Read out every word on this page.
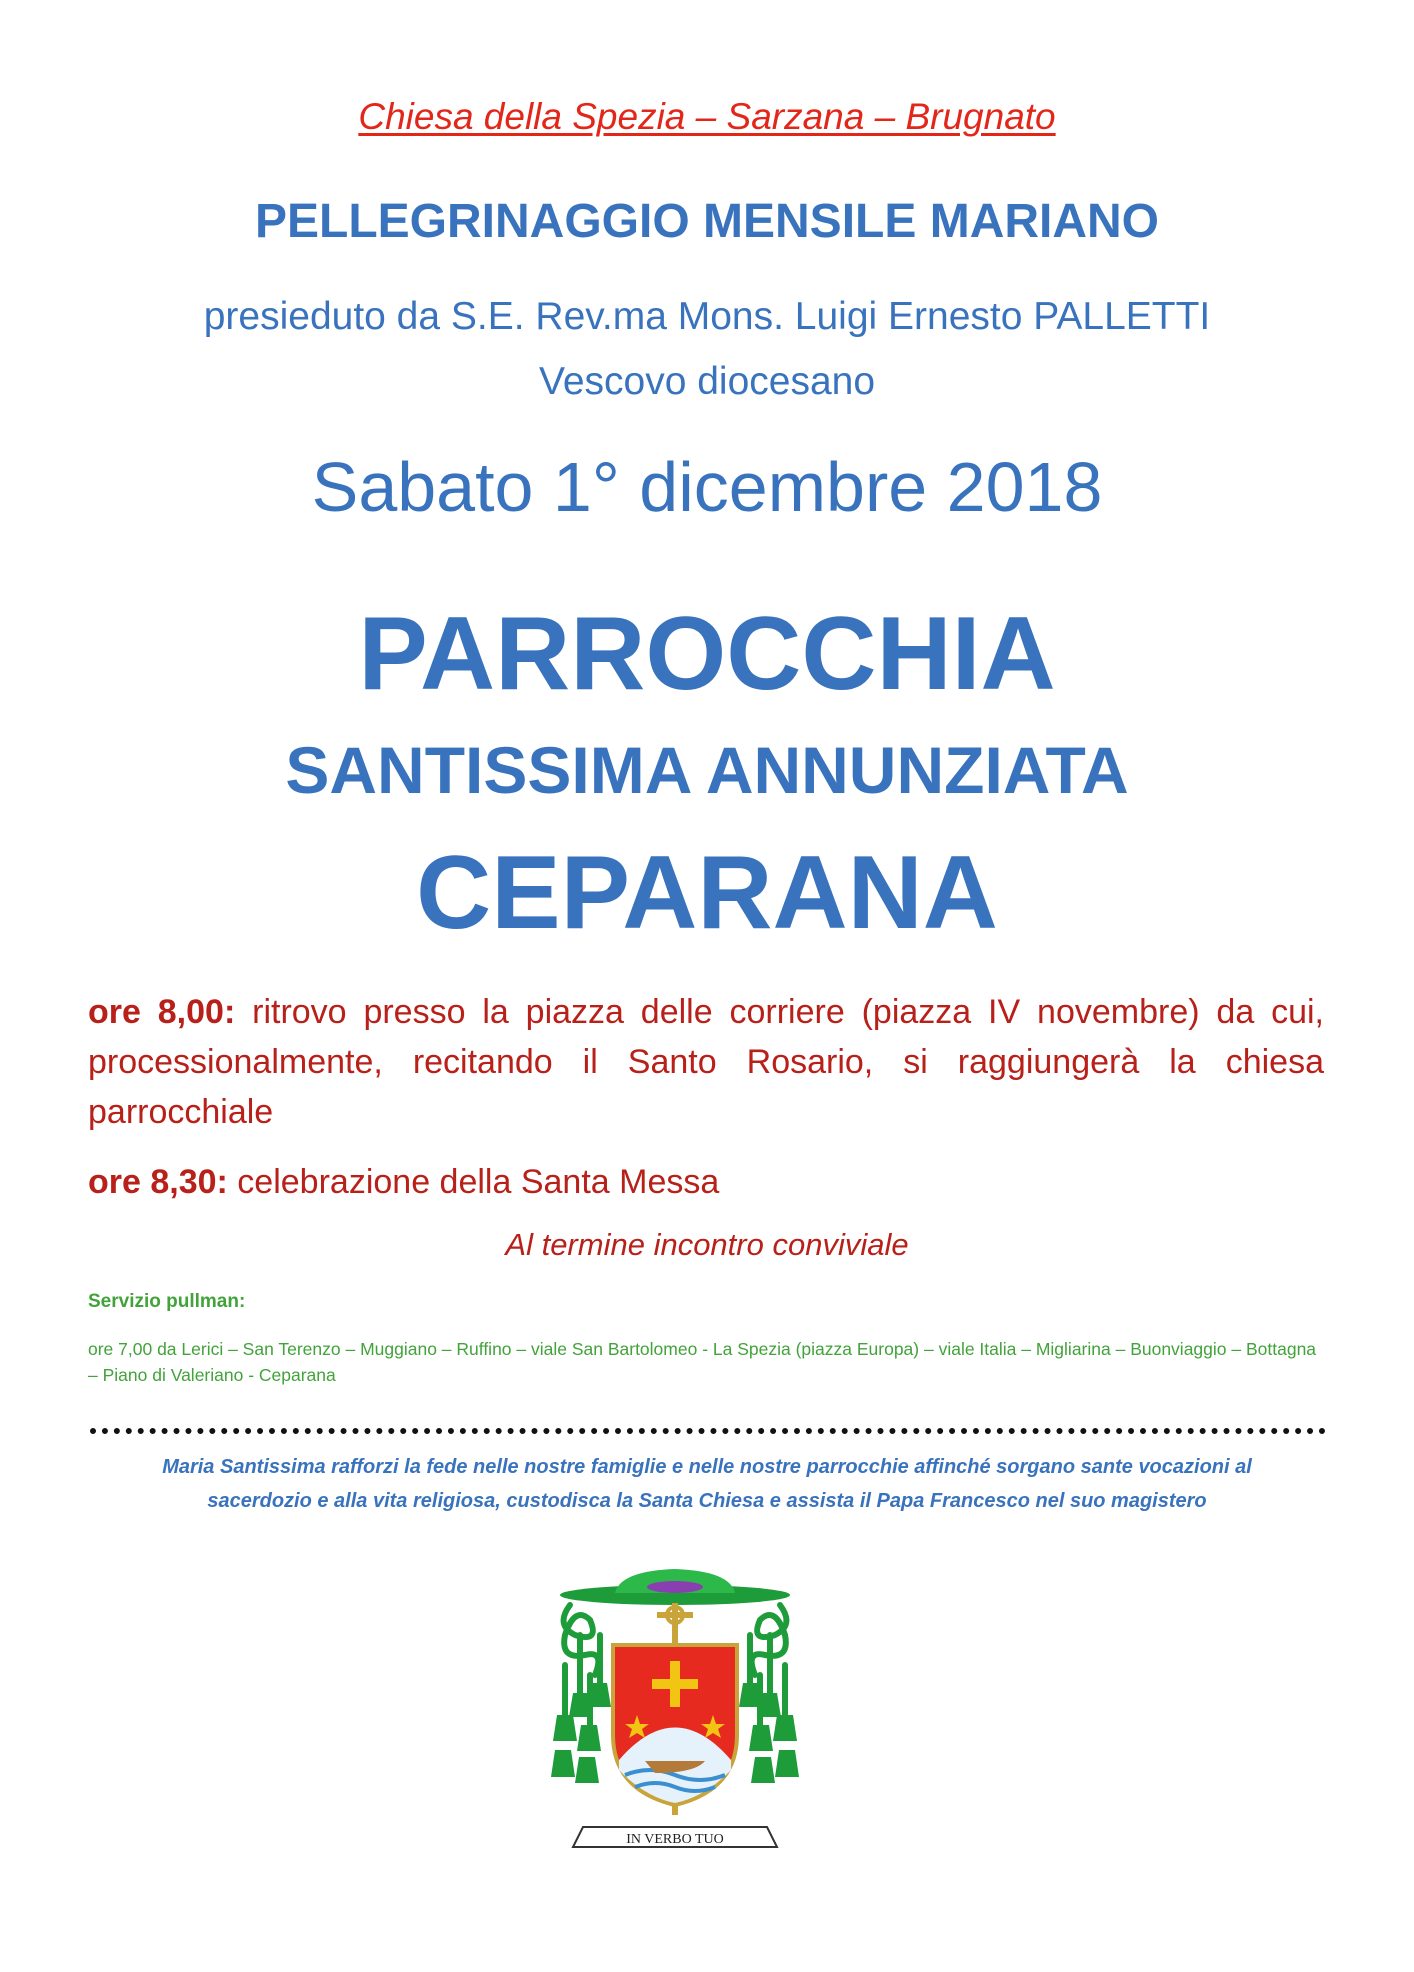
Chiesa della Spezia – Sarzana – Brugnato
PELLEGRINAGGIO MENSILE MARIANO
presieduto da S.E. Rev.ma Mons. Luigi Ernesto PALLETTI
Vescovo diocesano
Sabato 1° dicembre 2018
PARROCCHIA
SANTISSIMA ANNUNZIATA
CEPARANA
ore 8,00: ritrovo presso la piazza delle corriere (piazza IV novembre) da cui, processionalmente, recitando il Santo Rosario, si raggiungerà la chiesa parrocchiale
ore 8,30: celebrazione della Santa Messa
Al termine incontro conviviale
Servizio pullman:
ore 7,00 da Lerici – San Terenzo – Muggiano – Ruffino – viale San Bartolomeo - La Spezia (piazza Europa) – viale Italia – Migliarina – Buonviaggio – Bottagna – Piano di Valeriano - Ceparana
Maria Santissima rafforzi la fede nelle nostre famiglie e nelle nostre parrocchie affinché sorgano sante vocazioni al sacerdozio e alla vita religiosa, custodisca la Santa Chiesa e assista il Papa Francesco nel suo magistero
IN VERBO TUO
